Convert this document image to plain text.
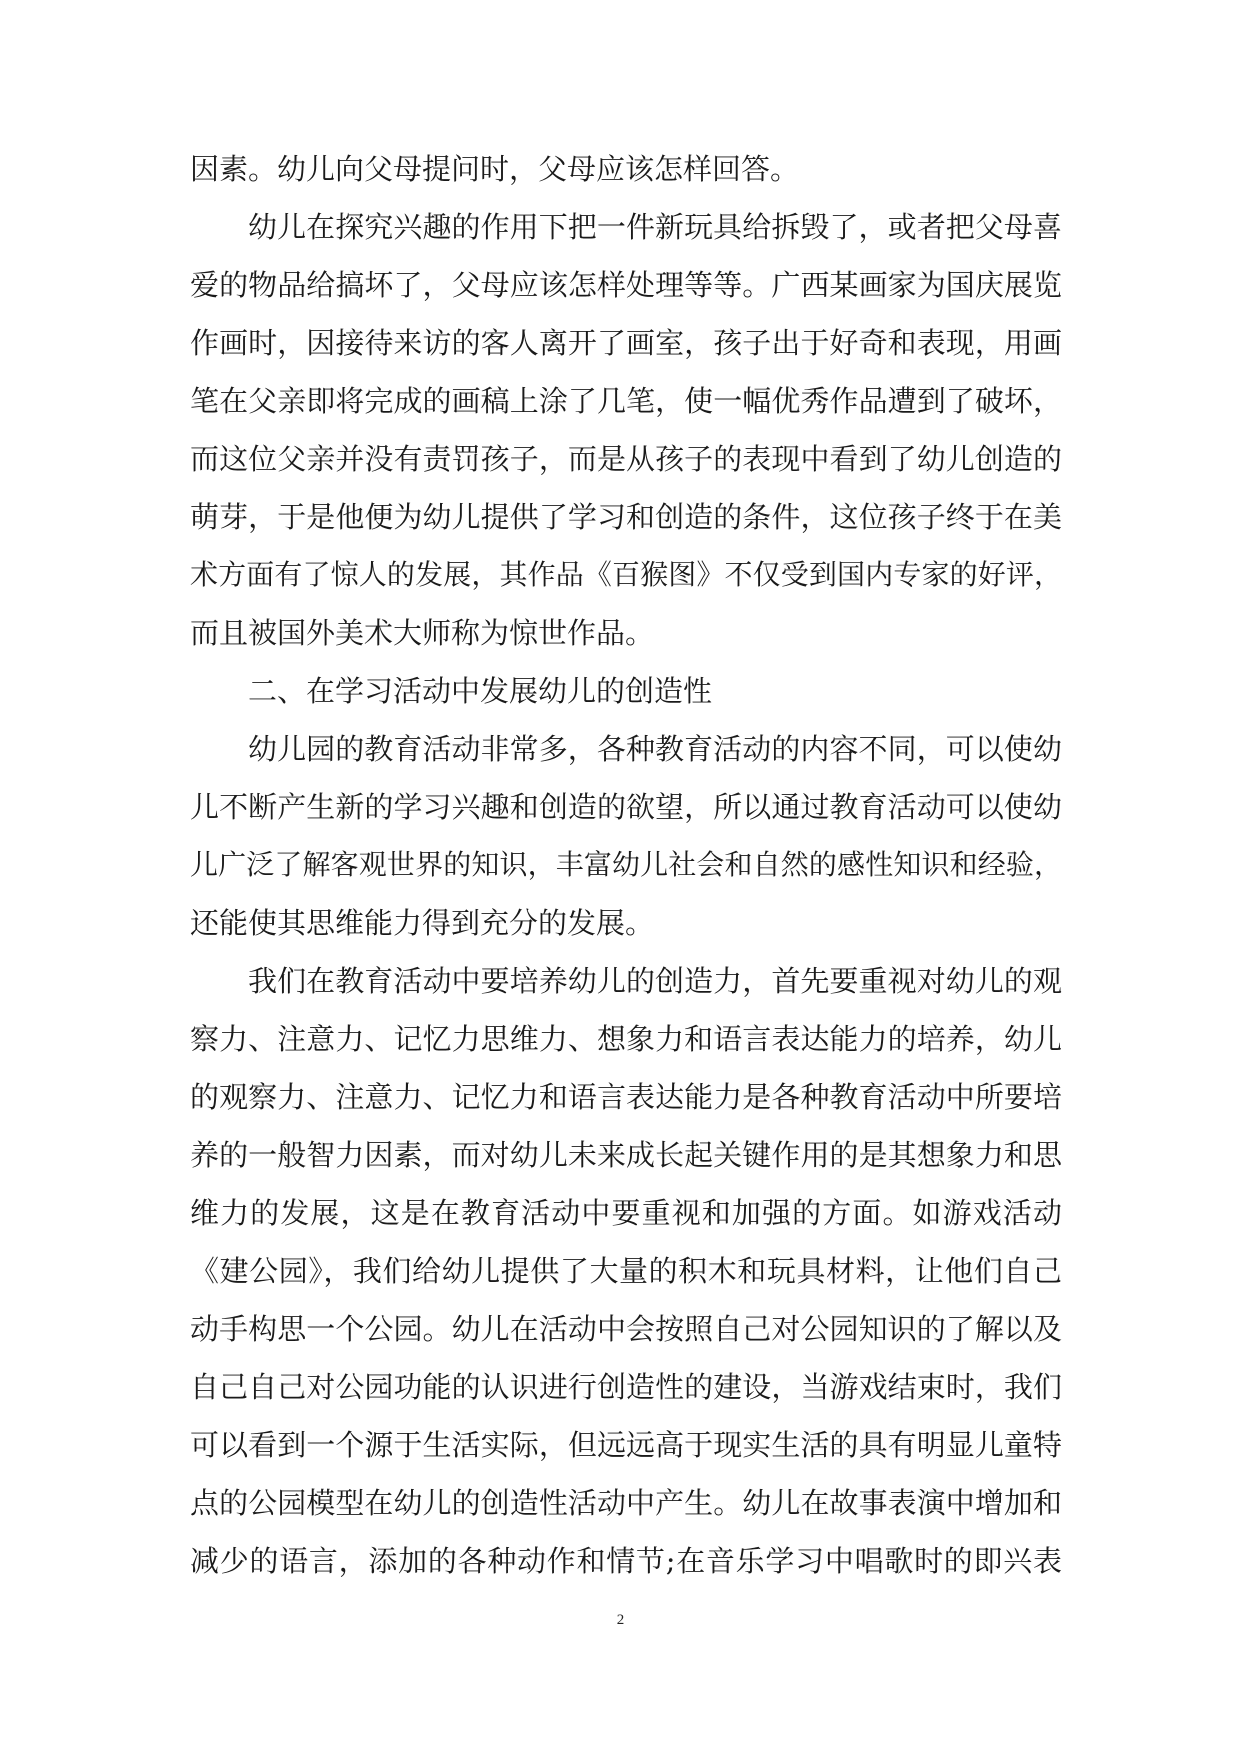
因素。幼儿向父母提问时，父母应该怎样回答。
幼儿在探究兴趣的作用下把一件新玩具给拆毁了，或者把父母喜
爱的物品给搞坏了，父母应该怎样处理等等。广西某画家为国庆展览
作画时，因接待来访的客人离开了画室，孩子出于好奇和表现，用画
笔在父亲即将完成的画稿上涂了几笔，使一幅优秀作品遭到了破坏，
而这位父亲并没有责罚孩子，而是从孩子的表现中看到了幼儿创造的
萌芽，于是他便为幼儿提供了学习和创造的条件，这位孩子终于在美
术方面有了惊人的发展，其作品《百猴图》不仅受到国内专家的好评，
而且被国外美术大师称为惊世作品。
二、在学习活动中发展幼儿的创造性
幼儿园的教育活动非常多，各种教育活动的内容不同，可以使幼
儿不断产生新的学习兴趣和创造的欲望，所以通过教育活动可以使幼
儿广泛了解客观世界的知识，丰富幼儿社会和自然的感性知识和经验，
还能使其思维能力得到充分的发展。
我们在教育活动中要培养幼儿的创造力，首先要重视对幼儿的观
察力、注意力、记忆力思维力、想象力和语言表达能力的培养，幼儿
的观察力、注意力、记忆力和语言表达能力是各种教育活动中所要培
养的一般智力因素，而对幼儿未来成长起关键作用的是其想象力和思
维力的发展，这是在教育活动中要重视和加强的方面。如游戏活动
《建公园》，我们给幼儿提供了大量的积木和玩具材料，让他们自己
动手构思一个公园。幼儿在活动中会按照自己对公园知识的了解以及
自己自己对公园功能的认识进行创造性的建设，当游戏结束时，我们
可以看到一个源于生活实际，但远远高于现实生活的具有明显儿童特
点的公园模型在幼儿的创造性活动中产生。幼儿在故事表演中增加和
减少的语言，添加的各种动作和情节;在音乐学习中唱歌时的即兴表
2
